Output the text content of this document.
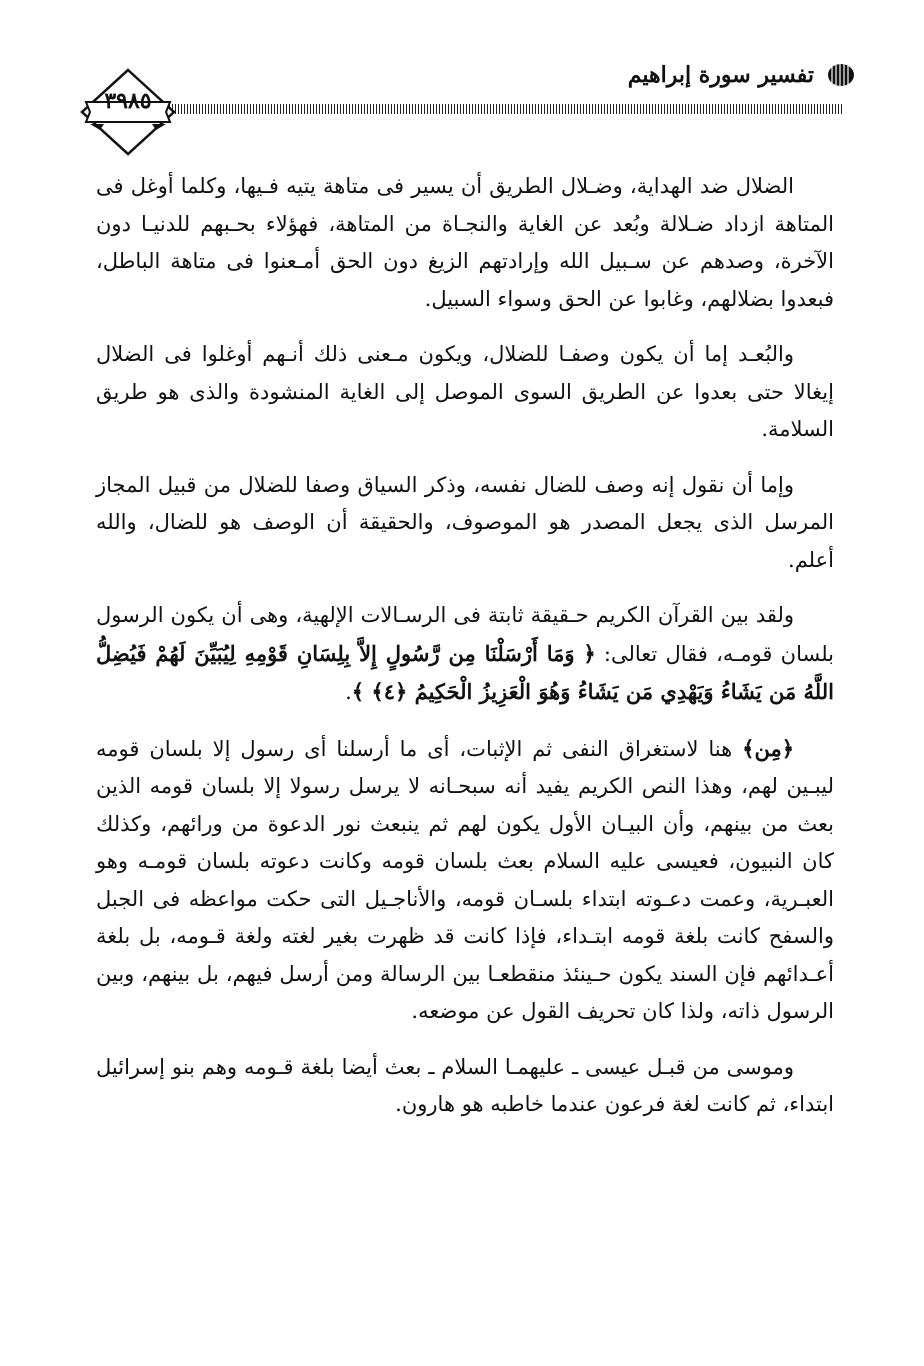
تفسير سورة إبراهيم
٣٩٨٥

الضلال ضد الهداية، وضـلال الطريق أن يسير فى متاهة يتيه فـيها، وكلما أوغل فى المتاهة ازداد ضـلالة وبُعد عن الغاية والنجـاة من المتاهة، فهؤلاء بحـبهم للدنيـا دون الآخرة، وصدهم عن سـبيل الله وإرادتهم الزيغ دون الحق أمـعنوا فى متاهة الباطل، فبعدوا بضلالهم، وغابوا عن الحق وسواء السبيل.

والبُعـد إما أن يكون وصفـا للضلال، ويكون مـعنى ذلك أنـهم أوغلوا فى الضلال إيغالا حتى بعدوا عن الطريق السوى الموصل إلى الغاية المنشودة والذى هو طريق السلامة.

وإما أن نقول إنه وصف للضال نفسه، وذكر السياق وصفا للضلال من قبيل المجاز المرسل الذى يجعل المصدر هو الموصوف، والحقيقة أن الوصف هو للضال، والله أعلم.

ولقد بين القرآن الكريم حـقيقة ثابتة فى الرسـالات الإلهية، وهى أن يكون الرسول بلسان قومـه، فقال تعالى: ﴿ وَمَا أَرْسَلْنَا مِن رَّسُولٍ إِلاَّ بِلِسَانِ قَوْمِهِ لِيُبَيِّنَ لَهُمْ فَيُضِلُّ اللَّهُ مَن يَشَاءُ وَيَهْدِي مَن يَشَاءُ وَهُوَ الْعَزِيزُ الْحَكِيمُ ﴿٤﴾ ﴾.

﴿مِن﴾ هنا لاستغراق النفى ثم الإثبات، أى ما أرسلنا أى رسول إلا بلسان قومه ليبـين لهم، وهذا النص الكريم يفيد أنه سبحـانه لا يرسل رسولا إلا بلسان قومه الذين بعث من بينهم، وأن البيـان الأول يكون لهم ثم ينبعث نور الدعوة من ورائهم، وكذلك كان النبيون، فعيسى عليه السلام بعث بلسان قومه وكانت دعوته بلسان قومـه وهو العبـرية، وعمت دعـوته ابتداء بلسـان قومه، والأناجـيل التى حكت مواعظه فى الجبل والسفح كانت بلغة قومه ابتـداء، فإذا كانت قد ظهرت بغير لغته ولغة قـومه، بل بلغة أعـدائهم فإن السند يكون حـينئذ منقطعـا بين الرسالة ومن أرسل فيهم، بل بينهم، وبين الرسول ذاته، ولذا كان تحريف القول عن موضعه.

وموسى من قبـل عيسى ـ عليهمـا السلام ـ بعث أيضا بلغة قـومه وهم بنو إسرائيل ابتداء، ثم كانت لغة فرعون عندما خاطبه هو هارون.
